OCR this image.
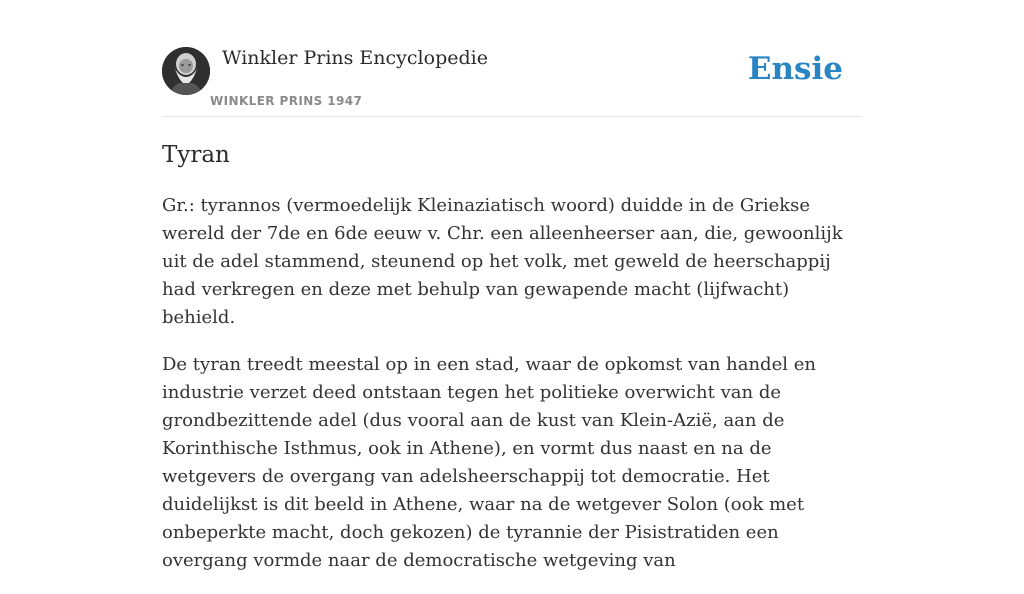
Winkler Prins Encyclopedie
WINKLER PRINS 1947
Ensie
Tyran

Gr.: tyrannos (vermoedelijk Kleinaziatisch woord) duidde in de Griekse wereld der 7de en 6de eeuw v. Chr. een alleenheerser aan, die, gewoonlijk uit de adel stammend, steunend op het volk, met geweld de heerschappij had verkregen en deze met behulp van gewapende macht (lijfwacht) behield.

De tyran treedt meestal op in een stad, waar de opkomst van handel en industrie verzet deed ontstaan tegen het politieke overwicht van de grondbezittende adel (dus vooral aan de kust van Klein-Azië, aan de Korinthische Isthmus, ook in Athene), en vormt dus naast en na de wetgevers de overgang van adelsheerschappij tot democratie. Het duidelijkst is dit beeld in Athene, waar na de wetgever Solon (ook met onbeperkte macht, doch gekozen) de tyrannie der Pisistratiden een overgang vormde naar de democratische wetgeving van
